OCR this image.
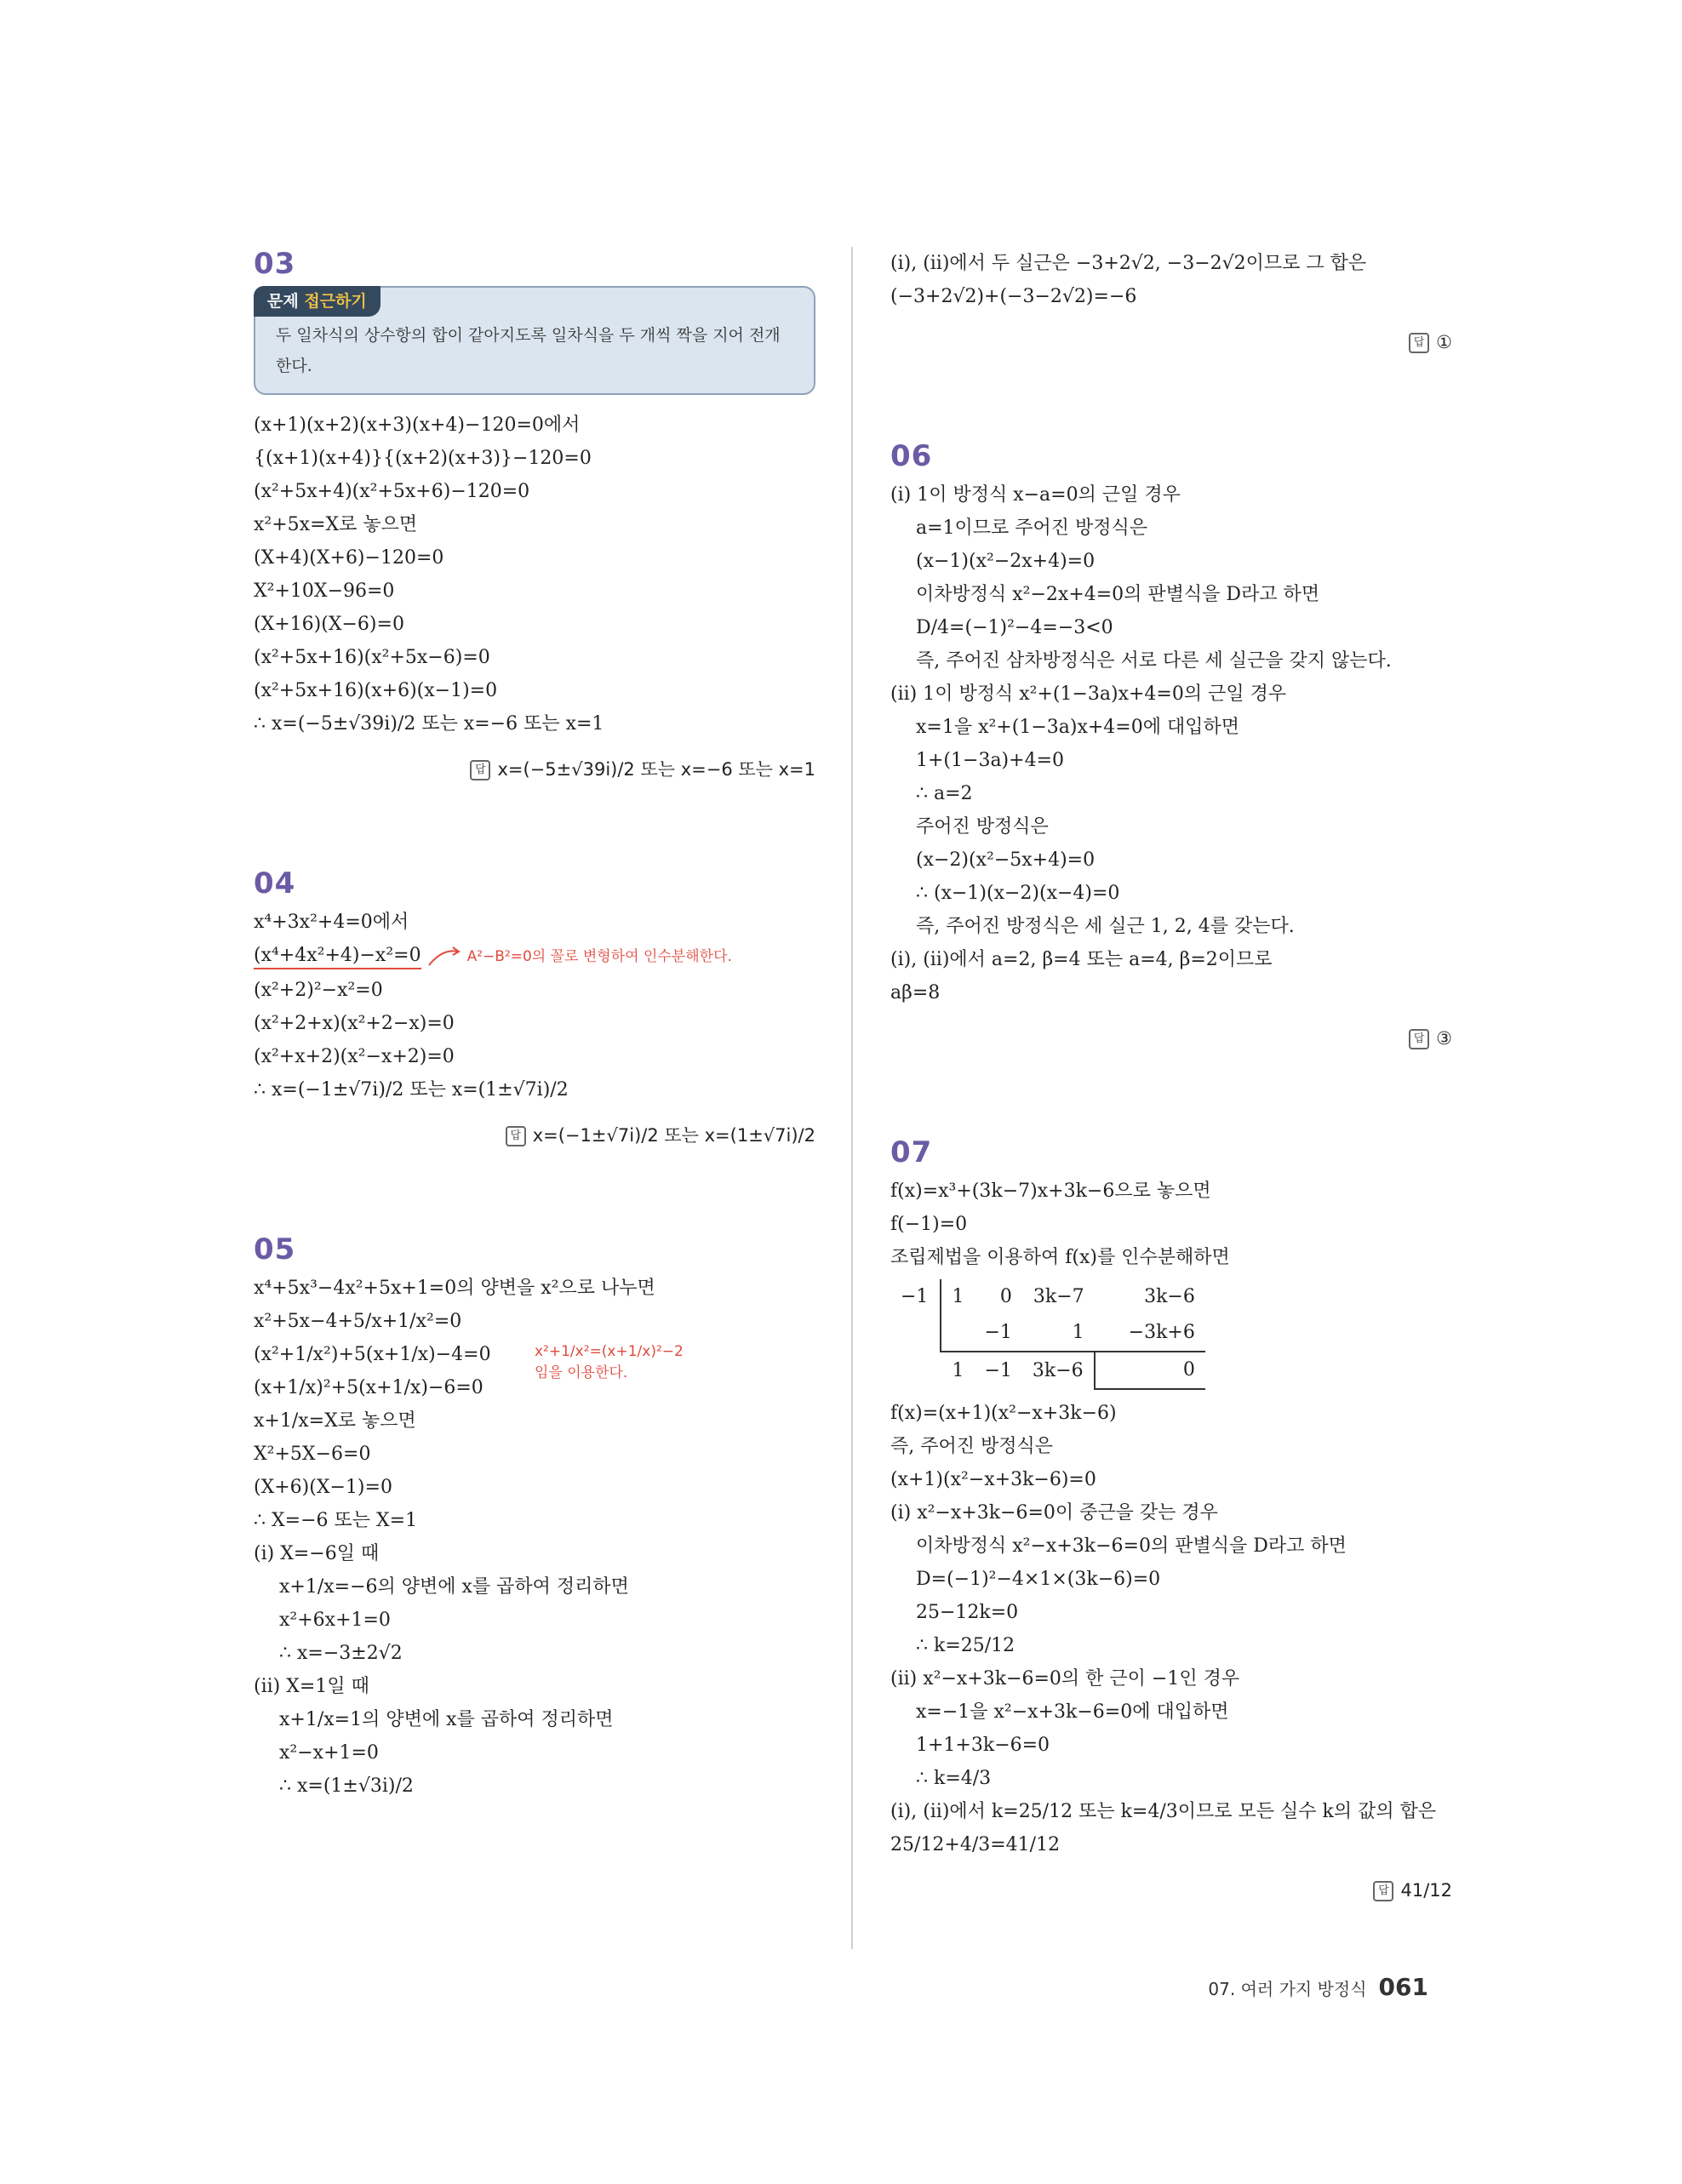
03
문제 접근하기
두 일차식의 상수항의 합이 같아지도록 일차식을 두 개씩 짝을 지어 전개한다.
(x+1)(x+2)(x+3)(x+4)−120=0에서
{(x+1)(x+4)}{(x+2)(x+3)}−120=0
(x²+5x+4)(x²+5x+6)−120=0
x²+5x=X로 놓으면
(X+4)(X+6)−120=0
X²+10X−96=0
(X+16)(X−6)=0
(x²+5x+16)(x²+5x−6)=0
(x²+5x+16)(x+6)(x−1)=0
∴ x=(−5±√39i)/2 또는 x=−6 또는 x=1
답 x=(−5±√39i)/2 또는 x=−6 또는 x=1
04
x⁴+3x²+4=0에서
(x⁴+4x²+4)−x²=0	A²−B²=0의 꼴로 변형하여 인수분해한다.
(x²+2)²−x²=0
(x²+2+x)(x²+2−x)=0
(x²+x+2)(x²−x+2)=0
∴ x=(−1±√7i)/2 또는 x=(1±√7i)/2
답 x=(−1±√7i)/2 또는 x=(1±√7i)/2
05
x⁴+5x³−4x²+5x+1=0의 양변을 x²으로 나누면
x²+5x−4+5/x+1/x²=0
(x²+1/x²)+5(x+1/x)−4=0
(x+1/x)²+5(x+1/x)−6=0
x²+1/x²=(x+1/x)²−2
임을 이용한다.
x+1/x=X로 놓으면
X²+5X−6=0
(X+6)(X−1)=0
∴ X=−6 또는 X=1
(i) X=−6일 때
x+1/x=−6의 양변에 x를 곱하여 정리하면
x²+6x+1=0
∴ x=−3±2√2
(ii) X=1일 때
x+1/x=1의 양변에 x를 곱하여 정리하면
x²−x+1=0
∴ x=(1±√3i)/2
(i), (ii)에서 두 실근은 −3+2√2, −3−2√2이므로 그 합은
(−3+2√2)+(−3−2√2)=−6
답 ①
06
(i) 1이 방정식 x−a=0의 근일 경우
a=1이므로 주어진 방정식은
(x−1)(x²−2x+4)=0
이차방정식 x²−2x+4=0의 판별식을 D라고 하면
D/4=(−1)²−4=−3<0
즉, 주어진 삼차방정식은 서로 다른 세 실근을 갖지 않는다.
(ii) 1이 방정식 x²+(1−3a)x+4=0의 근일 경우
x=1을 x²+(1−3a)x+4=0에 대입하면
1+(1−3a)+4=0
∴ a=2
주어진 방정식은
(x−2)(x²−5x+4)=0
∴ (x−1)(x−2)(x−4)=0
즉, 주어진 방정식은 세 실근 1, 2, 4를 갖는다.
(i), (ii)에서 a=2, β=4 또는 a=4, β=2이므로
aβ=8
답 ③
07
f(x)=x³+(3k−7)x+3k−6으로 놓으면
f(−1)=0
조립제법을 이용하여 f(x)를 인수분해하면
−1	1	0	3k−7	3k−6
		−1	1	−3k+6
	1	−1	3k−6	0
f(x)=(x+1)(x²−x+3k−6)
즉, 주어진 방정식은
(x+1)(x²−x+3k−6)=0
(i) x²−x+3k−6=0이 중근을 갖는 경우
이차방정식 x²−x+3k−6=0의 판별식을 D라고 하면
D=(−1)²−4×1×(3k−6)=0
25−12k=0
∴ k=25/12
(ii) x²−x+3k−6=0의 한 근이 −1인 경우
x=−1을 x²−x+3k−6=0에 대입하면
1+1+3k−6=0
∴ k=4/3
(i), (ii)에서 k=25/12 또는 k=4/3이므로 모든 실수 k의 값의 합은
25/12+4/3=41/12
답 41/12
07. 여러 가지 방정식 061
